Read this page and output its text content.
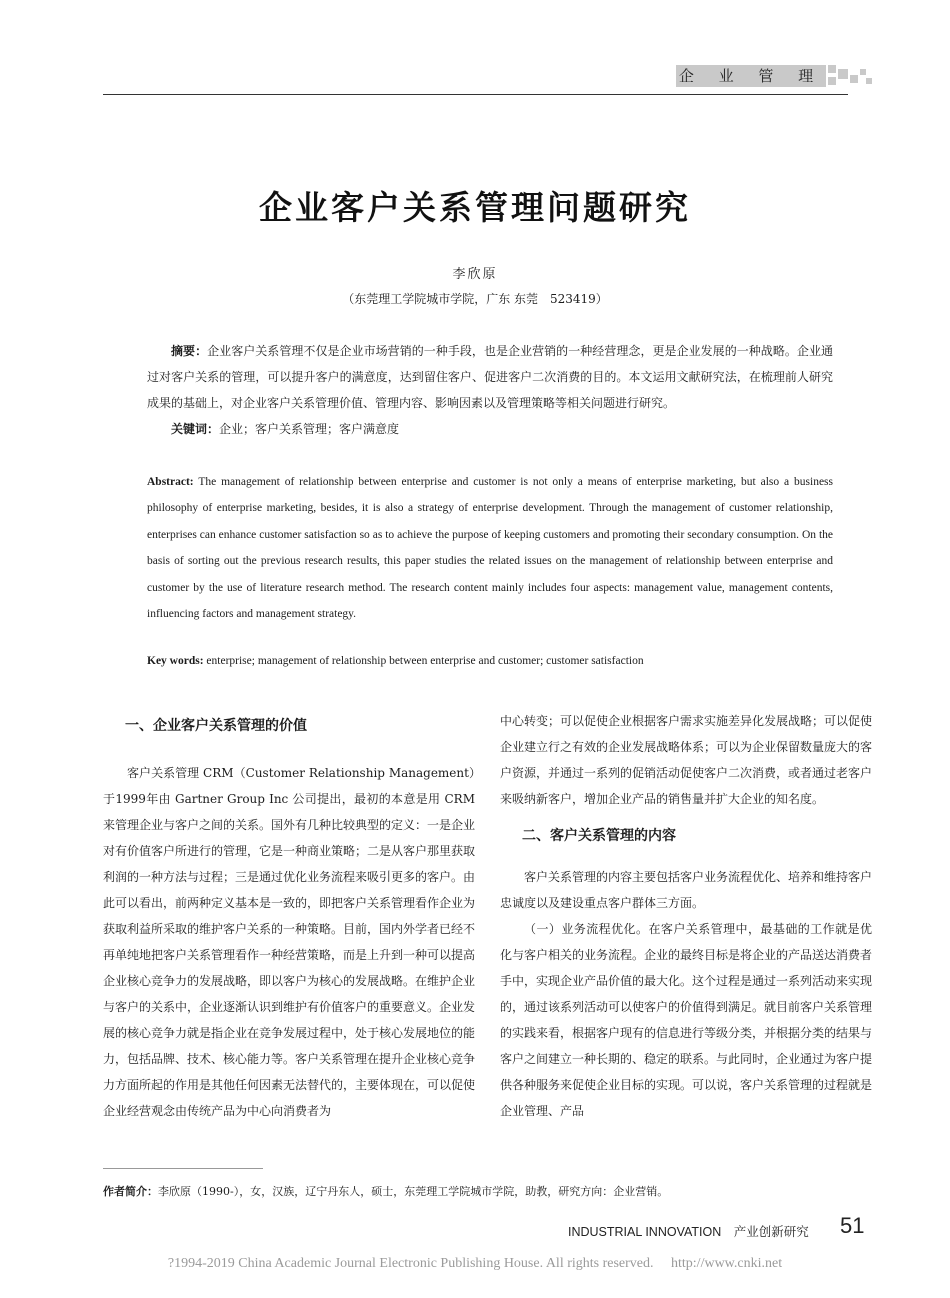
企 业 管 理
企业客户关系管理问题研究
李欣原
（东莞理工学院城市学院，广东 东莞　523419）
摘要：企业客户关系管理不仅是企业市场营销的一种手段，也是企业营销的一种经营理念，更是企业发展的一种战略。企业通过对客户关系的管理，可以提升客户的满意度，达到留住客户、促进客户二次消费的目的。本文运用文献研究法，在梳理前人研究成果的基础上，对企业客户关系管理价值、管理内容、影响因素以及管理策略等相关问题进行研究。
关键词：企业；客户关系管理；客户满意度
Abstract: The management of relationship between enterprise and customer is not only a means of enterprise marketing, but also a business philosophy of enterprise marketing, besides, it is also a strategy of enterprise development. Through the management of customer relationship, enterprises can enhance customer satisfaction so as to achieve the purpose of keeping customers and promoting their secondary consumption. On the basis of sorting out the previous research results, this paper studies the related issues on the management of relationship between enterprise and customer by the use of literature research method. The research content mainly includes four aspects: management value, management contents, influencing factors and management strategy.
Key words: enterprise; management of relationship between enterprise and customer; customer satisfaction
一、企业客户关系管理的价值

客户关系管理 CRM（Customer Relationship Management）于1999年由 Gartner Group Inc 公司提出，最初的本意是用 CRM 来管理企业与客户之间的关系。国外有几种比较典型的定义：一是企业对有价值客户所进行的管理，它是一种商业策略；二是从客户那里获取利润的一种方法与过程；三是通过优化业务流程来吸引更多的客户。由此可以看出，前两种定义基本是一致的，即把客户关系管理看作企业为获取利益所采取的维护客户关系的一种策略。目前，国内外学者已经不再单纯地把客户关系管理看作一种经营策略，而是上升到一种可以提高企业核心竞争力的发展战略，即以客户为核心的发展战略。在维护企业与客户的关系中，企业逐渐认识到维护有价值客户的重要意义。企业发展的核心竞争力就是指企业在竞争发展过程中，处于核心发展地位的能力，包括品牌、技术、核心能力等。客户关系管理在提升企业核心竞争力方面所起的作用是其他任何因素无法替代的，主要体现在，可以促使企业经营观念由传统产品为中心向消费者为

中心转变；可以促使企业根据客户需求实施差异化发展战略；可以促使企业建立行之有效的企业发展战略体系；可以为企业保留数量庞大的客户资源，并通过一系列的促销活动促使客户二次消费，或者通过老客户来吸纳新客户，增加企业产品的销售量并扩大企业的知名度。

二、客户关系管理的内容

客户关系管理的内容主要包括客户业务流程优化、培养和维持客户忠诚度以及建设重点客户群体三方面。

（一）业务流程优化。在客户关系管理中，最基础的工作就是优化与客户相关的业务流程。企业的最终目标是将企业的产品送达消费者手中，实现企业产品价值的最大化。这个过程是通过一系列活动来实现的，通过该系列活动可以使客户的价值得到满足。就目前客户关系管理的实践来看，根据客户现有的信息进行等级分类，并根据分类的结果与客户之间建立一种长期的、稳定的联系。与此同时，企业通过为客户提供各种服务来促使企业目标的实现。可以说，客户关系管理的过程就是企业管理、产品

作者简介：李欣原（1990-），女，汉族，辽宁丹东人，硕士，东莞理工学院城市学院，助教，研究方向：企业营销。
INDUSTRIAL INNOVATION　产业创新研究	51
?1994-2019 China Academic Journal Electronic Publishing House. All rights reserved.　 http://www.cnki.net
